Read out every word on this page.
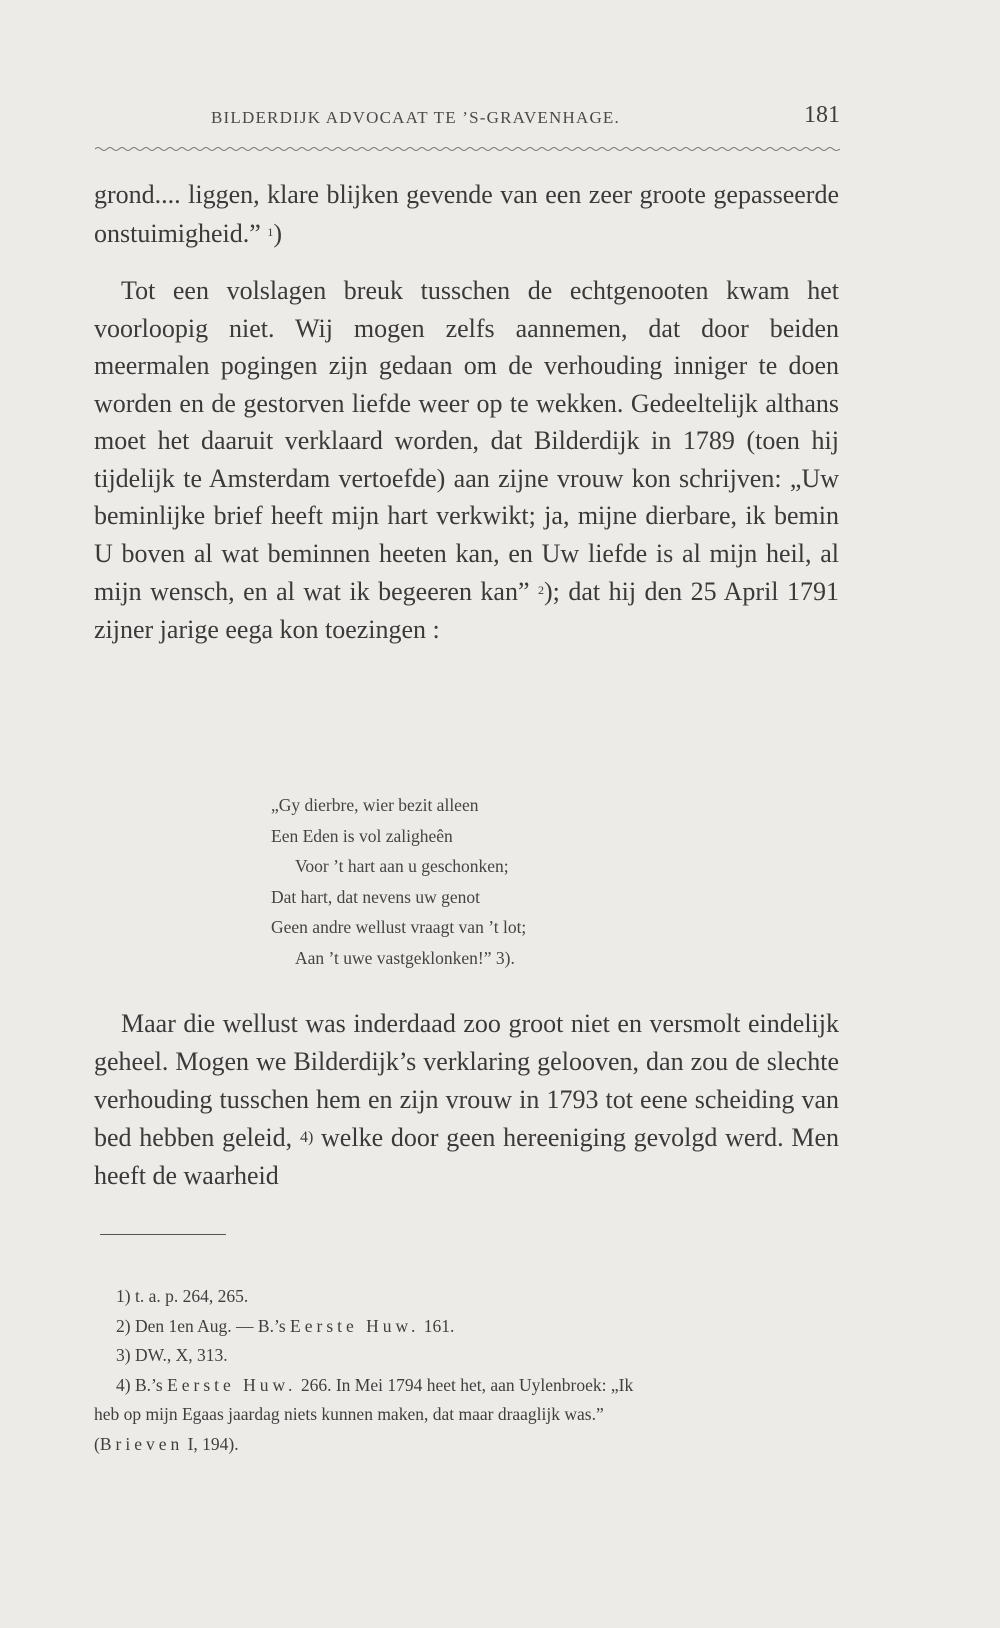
BILDERDIJK ADVOCAAT TE ’S-GRAVENHAGE.	181

grond.... liggen, klare blijken gevende van een zeer groote gepasseerde onstuimigheid.” $^1$)

Tot een volslagen breuk tusschen de echtgenooten kwam het voorloopig niet. Wij mogen zelfs aannemen, dat door beiden meermalen pogingen zijn gedaan om de verhouding inniger te doen worden en de gestorven liefde weer op te wekken. Gedeeltelijk althans moet het daaruit verklaard worden, dat Bilderdijk in 1789 (toen hij tijdelijk te Amsterdam vertoefde) aan zijne vrouw kon schrijven: „Uw beminlijke brief heeft mijn hart verkwikt; ja, mijne dierbare, ik bemin U boven al wat beminnen heeten kan, en Uw liefde is al mijn heil, al mijn wensch, en al wat ik begeeren kan” $^2$); dat hij den 25 April 1791 zijner jarige eega kon toezingen :

„Gy dierbre, wier bezit alleen
Een Eden is vol zaligheên
Voor ’t hart aan u geschonken;
Dat hart, dat nevens uw genot
Geen andre wellust vraagt van ’t lot;
Aan ’t uwe vastgeklonken!” 3).

Maar die wellust was inderdaad zoo groot niet en versmolt eindelijk geheel. Mogen we Bilderdijk’s verklaring gelooven, dan zou de slechte verhouding tusschen hem en zijn vrouw in 1793 tot eene scheiding van bed hebben geleid, 4) welke door geen hereeniging gevolgd werd. Men heeft de waarheid

1) t. a. p. 264, 265.
2) Den 1en Aug. — B.’s Eerste Huw. 161.
3) DW., X, 313.
4) B.’s Eerste Huw. 266. In Mei 1794 heet het, aan Uylenbroek: „Ik
heb op mijn Egaas jaardag niets kunnen maken, dat maar draaglijk was.”
(Brieven I, 194).
